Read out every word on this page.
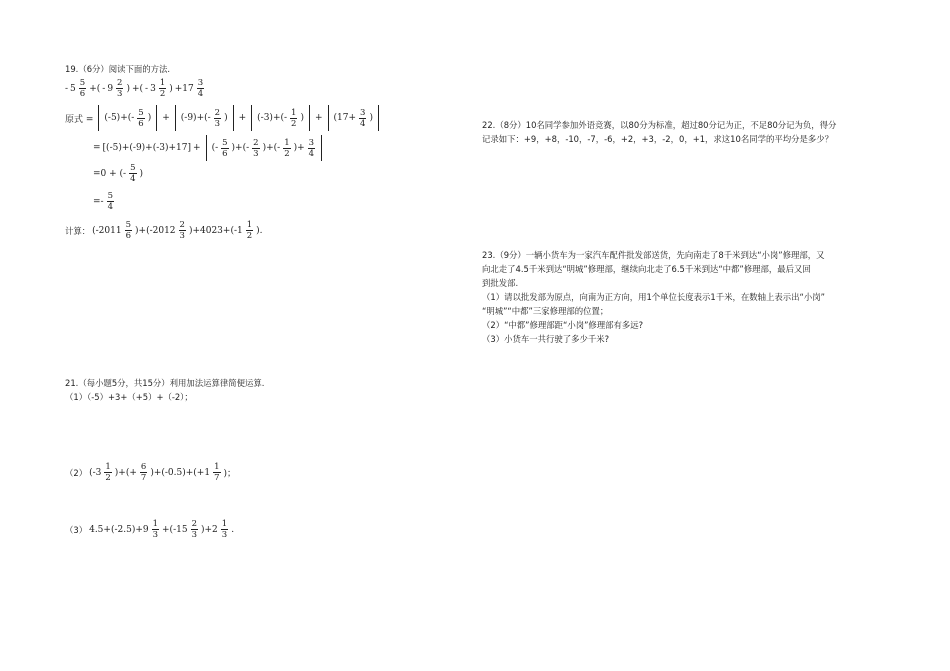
19.（6分）阅读下面的方法.
- $5 \frac{5}{6}$ +( - $9 \frac{2}{3}$ ) +( - $3 \frac{1}{2}$ ) $+17 \frac{3}{4}$
原式 = $(-5)+(- \frac{5}{6}$ ) + $(-9)+(- \frac{2}{3}$ ) + $(-3)+(- \frac{1}{2}$ ) + ($17+ \frac{3}{4}$ )
= [(-5)+(-9)+(-3)+17] + (- $\frac{5}{6}$ )+(- $\frac{2}{3}$ )+(- $\frac{1}{2}$ )+ $\frac{3}{4}$
=0 + (- $\frac{5}{4}$ )
=- $\frac{5}{4}$
计算： $(-2011 \frac{5}{6} )+(-2012 \frac{2}{3} )+4023+(-1 \frac{1}{2}$ ).
21.（每小题5分，共15分）利用加法运算律简便运算.
（1）（-5）+3+（+5）+（-2）；
（2） ($-3 \frac{1}{2}$ )+(+ $\frac{6}{7} )+(-0.5)+(+1 \frac{1}{7}$ )；
（3） $4.5+(-2.5)+9 \frac{1}{3} +(-15 \frac{2}{3} )+2 \frac{1}{3}$ .
22.（8分）10名同学参加外语竞赛，以80分为标准，超过80分记为正，不足80分记为负，得分
记录如下：+9，+8，-10，-7，-6，+2，+3，-2，0，+1，求这10名同学的平均分是多少？
23.（9分）一辆小货车为一家汽车配件批发部送货，先向南走了8千米到达“小岗”修理部，又
向北走了4.5千米到达“明城”修理部，继续向北走了6.5千米到达“中都”修理部，最后又回
到批发部.
（1）请以批发部为原点，向南为正方向，用1个单位长度表示1千米，在数轴上表示出“小岗”
“明城”“中都”三家修理部的位置；
（2）“中都”修理部距“小岗”修理部有多远?
（3）小货车一共行驶了多少千米?
